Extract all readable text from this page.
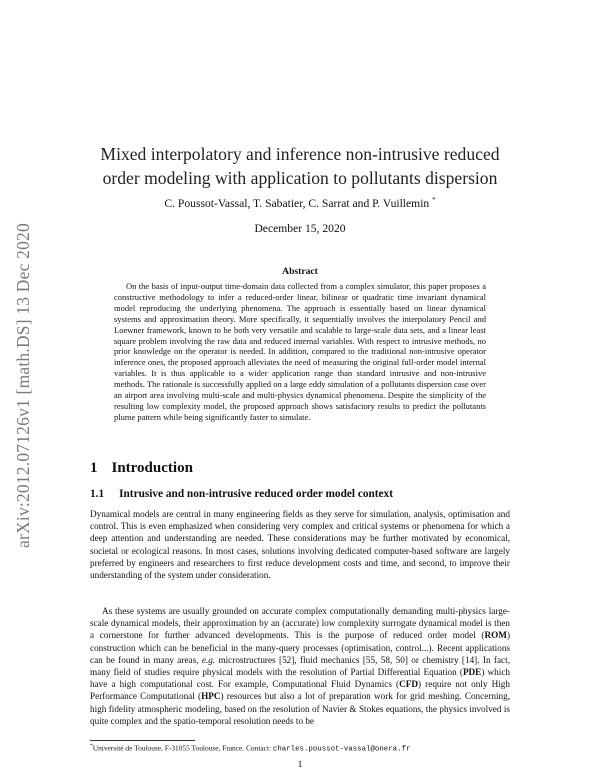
arXiv:2012.07126v1 [math.DS] 13 Dec 2020
Mixed interpolatory and inference non-intrusive reduced
order modeling with application to pollutants dispersion
C. Poussot-Vassal, T. Sabatier, C. Sarrat and P. Vuillemin *
December 15, 2020
Abstract

On the basis of input-output time-domain data collected from a complex simulator, this paper proposes a constructive methodology to infer a reduced-order linear, bilinear or quadratic time invariant dynamical model reproducing the underlying phenomena. The approach is essentially based on linear dynamical systems and approximation theory. More specifically, it sequentially involves the interpolatory Pencil and Loewner framework, known to be both very versatile and scalable to large-scale data sets, and a linear least square problem involving the raw data and reduced internal variables. With respect to intrusive methods, no prior knowledge on the operator is needed. In addition, compared to the traditional non-intrusive operator inference ones, the proposed approach alleviates the need of measuring the original full-order model internal variables. It is thus applicable to a wider application range than standard intrusive and non-intrusive methods. The rationale is successfully applied on a large eddy simulation of a pollutants dispersion case over an airport area involving multi-scale and multi-physics dynamical phenomena. Despite the simplicity of the resulting low complexity model, the proposed approach shows satisfactory results to predict the pollutants plume pattern while being significantly faster to simulate.

1 Introduction
1.1 Intrusive and non-intrusive reduced order model context

Dynamical models are central in many engineering fields as they serve for simulation, analysis, optimisation and control. This is even emphasized when considering very complex and critical systems or phenomena for which a deep attention and understanding are needed. These considerations may be further motivated by economical, societal or ecological reasons. In most cases, solutions involving dedicated computer-based software are largely preferred by engineers and researchers to first reduce development costs and time, and second, to improve their understanding of the system under consideration.

As these systems are usually grounded on accurate complex computationally demanding multi-physics large-scale dynamical models, their approximation by an (accurate) low complexity surrogate dynamical model is then a cornerstone for further advanced developments. This is the purpose of reduced order model (ROM) construction which can be beneficial in the many-query processes (optimisation, control...). Recent applications can be found in many areas, e.g. microstructures [52], fluid mechanics [55, 58, 50] or chemistry [14]. In fact, many field of studies require physical models with the resolution of Partial Differential Equation (PDE) which have a high computational cost. For example, Computational Fluid Dynamics (CFD) require not only High Performance Computational (HPC) resources but also a lot of preparation work for grid meshing. Concerning, high fidelity atmospheric modeling, based on the resolution of Navier & Stokes equations, the physics involved is quite complex and the spatio-temporal resolution needs to be

*Université de Toulouse, F-31055 Toulouse, France. Contact: charles.poussot-vassal@onera.fr
1
